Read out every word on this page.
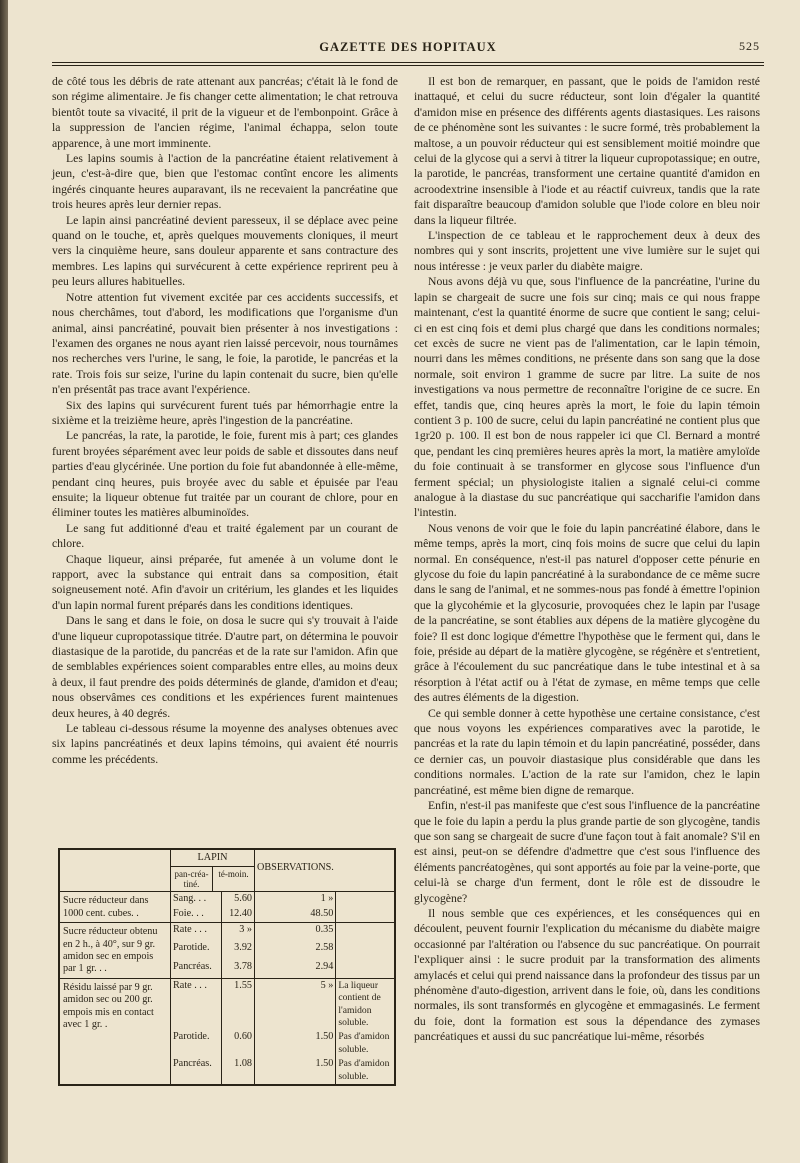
GAZETTE DES HOPITAUX	525

de côté tous les débris de rate attenant aux pancréas; c'était là le fond de son régime alimentaire. Je fis changer cette alimentation; le chat retrouva bientôt toute sa vivacité, il prit de la vigueur et de l'embonpoint. Grâce à la suppression de l'ancien régime, l'animal échappa, selon toute apparence, à une mort imminente.

Les lapins soumis à l'action de la pancréatine étaient relativement à jeun, c'est-à-dire que, bien que l'estomac contînt encore les aliments ingérés cinquante heures auparavant, ils ne recevaient la pancréatine que trois heures après leur dernier repas.

Le lapin ainsi pancréatiné devient paresseux, il se déplace avec peine quand on le touche, et, après quelques mouvements cloniques, il meurt vers la cinquième heure, sans douleur apparente et sans contracture des membres. Les lapins qui survécurent à cette expérience reprirent peu à peu leurs allures habituelles.

Notre attention fut vivement excitée par ces accidents successifs, et nous cherchâmes, tout d'abord, les modifications que l'organisme d'un animal, ainsi pancréatiné, pouvait bien présenter à nos investigations : l'examen des organes ne nous ayant rien laissé percevoir, nous tournâmes nos recherches vers l'urine, le sang, le foie, la parotide, le pancréas et la rate. Trois fois sur seize, l'urine du lapin contenait du sucre, bien qu'elle n'en présentât pas trace avant l'expérience.

Six des lapins qui survécurent furent tués par hémorrhagie entre la sixième et la treizième heure, après l'ingestion de la pancréatine.

Le pancréas, la rate, la parotide, le foie, furent mis à part; ces glandes furent broyées séparément avec leur poids de sable et dissoutes dans neuf parties d'eau glycérinée. Une portion du foie fut abandonnée à elle-même, pendant cinq heures, puis broyée avec du sable et épuisée par l'eau ensuite; la liqueur obtenue fut traitée par un courant de chlore, pour en éliminer toutes les matières albuminoïdes.

Le sang fut additionné d'eau et traité également par un courant de chlore.

Chaque liqueur, ainsi préparée, fut amenée à un volume dont le rapport, avec la substance qui entrait dans sa composition, était soigneusement noté. Afin d'avoir un critérium, les glandes et les liquides d'un lapin normal furent préparés dans les conditions identiques.

Dans le sang et dans le foie, on dosa le sucre qui s'y trouvait à l'aide d'une liqueur cupropotassique titrée. D'autre part, on détermina le pouvoir diastasique de la parotide, du pancréas et de la rate sur l'amidon. Afin que de semblables expériences soient comparables entre elles, au moins deux à deux, il faut prendre des poids déterminés de glande, d'amidon et d'eau; nous observâmes ces conditions et les expériences furent maintenues deux heures, à 40 degrés.

Le tableau ci-dessous résume la moyenne des analyses obtenues avec six lapins pancréatinés et deux lapins témoins, qui avaient été nourris comme les précédents.

	LAPIN
pan-créa-tiné.
té-moin.		OBSERVATIONS.	
Sucre réducteur dans 1000 cent. cubes. .	Sang. . .	5.60	1 »	
	Foie. . .	12.40	48.50	
Sucre réducteur obtenu en 2 h., à 40°, sur 9 gr. amidon sec en empois par 1 gr. . .	Rate . . .	3 »	0.35	
	Parotide.	3.92	2.58	
	Pancréas.	3.78	2.94	
Résidu laissé par 9 gr. amidon sec ou 200 gr. empois mis en contact avec 1 gr. .	Rate . . .	1.55	5 »	La liqueur contient de l'amidon soluble.
	Parotide.	0.60	1.50	Pas d'amidon soluble.
	Pancréas.	1.08	1.50	Pas d'amidon soluble.

Il est bon de remarquer, en passant, que le poids de l'amidon resté inattaqué, et celui du sucre réducteur, sont loin d'égaler la quantité d'amidon mise en présence des différents agents diastasiques. Les raisons de ce phénomène sont les suivantes : le sucre formé, très probablement la maltose, a un pouvoir réducteur qui est sensiblement moitié moindre que celui de la glycose qui a servi à titrer la liqueur cupropotassique; en outre, la parotide, le pancréas, transforment une certaine quantité d'amidon en acroodextrine insensible à l'iode et au réactif cuivreux, tandis que la rate fait disparaître beaucoup d'amidon soluble que l'iode colore en bleu noir dans la liqueur filtrée.

L'inspection de ce tableau et le rapprochement deux à deux des nombres qui y sont inscrits, projettent une vive lumière sur le sujet qui nous intéresse : je veux parler du diabète maigre.

Nous avons déjà vu que, sous l'influence de la pancréatine, l'urine du lapin se chargeait de sucre une fois sur cinq; mais ce qui nous frappe maintenant, c'est la quantité énorme de sucre que contient le sang; celui-ci en est cinq fois et demi plus chargé que dans les conditions normales; cet excès de sucre ne vient pas de l'alimentation, car le lapin témoin, nourri dans les mêmes conditions, ne présente dans son sang que la dose normale, soit environ 1 gramme de sucre par litre. La suite de nos investigations va nous permettre de reconnaître l'origine de ce sucre. En effet, tandis que, cinq heures après la mort, le foie du lapin témoin contient 3 p. 100 de sucre, celui du lapin pancréatiné ne contient plus que 1gr20 p. 100. Il est bon de nous rappeler ici que Cl. Bernard a montré que, pendant les cinq premières heures après la mort, la matière amyloïde du foie continuait à se transformer en glycose sous l'influence d'un ferment spécial; un physiologiste italien a signalé celui-ci comme analogue à la diastase du suc pancréatique qui saccharifie l'amidon dans l'intestin.

Nous venons de voir que le foie du lapin pancréatiné élabore, dans le même temps, après la mort, cinq fois moins de sucre que celui du lapin normal. En conséquence, n'est-il pas naturel d'opposer cette pénurie en glycose du foie du lapin pancréatiné à la surabondance de ce même sucre dans le sang de l'animal, et ne sommes-nous pas fondé à émettre l'opinion que la glycohémie et la glycosurie, provoquées chez le lapin par l'usage de la pancréatine, se sont établies aux dépens de la matière glycogène du foie? Il est donc logique d'émettre l'hypothèse que le ferment qui, dans le foie, préside au départ de la matière glycogène, se régénère et s'entretient, grâce à l'écoulement du suc pancréatique dans le tube intestinal et à sa résorption à l'état actif ou à l'état de zymase, en même temps que celle des autres éléments de la digestion.

Ce qui semble donner à cette hypothèse une certaine consistance, c'est que nous voyons les expériences comparatives avec la parotide, le pancréas et la rate du lapin témoin et du lapin pancréatiné, posséder, dans ce dernier cas, un pouvoir diastasique plus considérable que dans les conditions normales. L'action de la rate sur l'amidon, chez le lapin pancréatiné, est même bien digne de remarque.

Enfin, n'est-il pas manifeste que c'est sous l'influence de la pancréatine que le foie du lapin a perdu la plus grande partie de son glycogène, tandis que son sang se chargeait de sucre d'une façon tout à fait anomale? S'il en est ainsi, peut-on se défendre d'admettre que c'est sous l'influence des éléments pancréatogènes, qui sont apportés au foie par la veine-porte, que celui-là se charge d'un ferment, dont le rôle est de dissoudre le glycogène?

Il nous semble que ces expériences, et les conséquences qui en découlent, peuvent fournir l'explication du mécanisme du diabète maigre occasionné par l'altération ou l'absence du suc pancréatique. On pourrait l'expliquer ainsi : le sucre produit par la transformation des aliments amylacés et celui qui prend naissance dans la profondeur des tissus par un phénomène d'auto-digestion, arrivent dans le foie, où, dans les conditions normales, ils sont transformés en glycogène et emmagasinés. Le ferment du foie, dont la formation est sous la dépendance des zymases pancréatiques et aussi du suc pancréatique lui-même, résorbés
